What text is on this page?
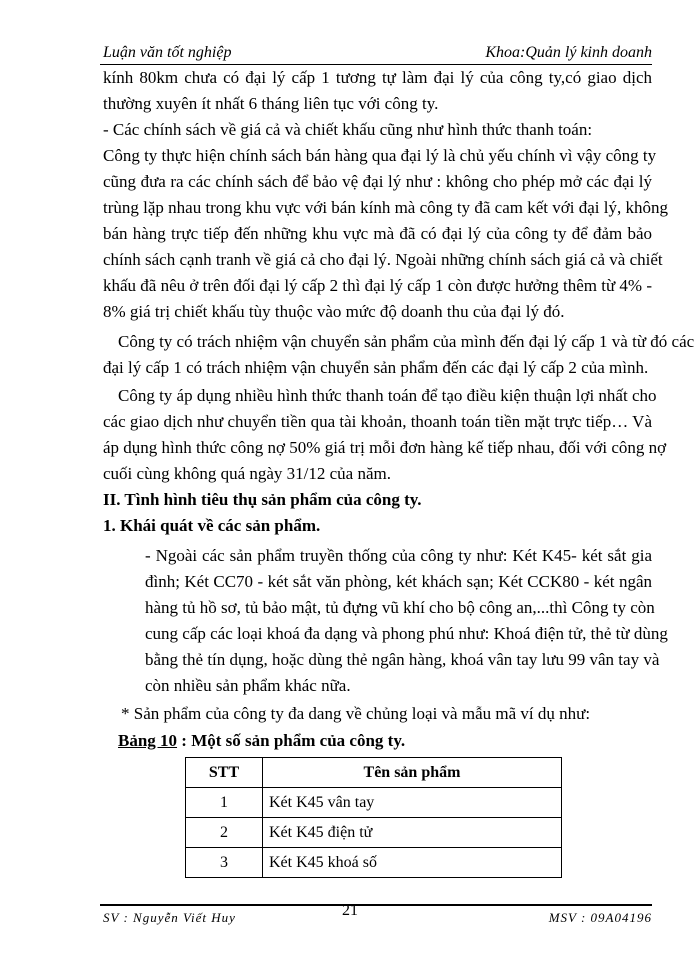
Luận văn tốt nghiệp	Khoa:Quản lý kinh doanh
kính 80km chưa có đại lý cấp 1 tương tự làm đại lý của công ty,có giao dịch
thường xuyên ít nhất 6 tháng liên tục với công ty.
- Các chính sách về giá cả và chiết khấu cũng như hình thức thanh toán:
Công ty thực hiện chính sách bán hàng qua đại lý là chủ yếu chính vì vậy công ty
cũng đưa ra các chính sách để bảo vệ đại lý như : không cho phép mở các đại lý
trùng lặp nhau trong khu vực với bán kính mà công ty đã cam kết với đại lý, không
bán hàng trực tiếp đến những khu vực mà đã có đại lý của công ty để đảm bảo
chính sách cạnh tranh về giá cả cho đại lý. Ngoài những chính sách giá cả và chiết
khấu đã nêu ở trên đối đại lý cấp 2 thì đại lý cấp 1 còn được hưởng thêm từ 4% -
8% giá trị chiết khấu tùy thuộc vào mức độ doanh thu của đại lý đó.
Công ty có trách nhiệm vận chuyển sản phẩm của mình đến đại lý cấp 1 và từ đó các
đại lý cấp 1 có trách nhiệm vận chuyển sản phẩm đến các đại lý cấp 2 của mình.
Công ty áp dụng nhiều hình thức thanh toán để tạo điều kiện thuận lợi nhất cho
các giao dịch như chuyển tiền qua tài khoản, thoanh toán tiền mặt trực tiếp… Và
áp dụng hình thức công nợ 50% giá trị mỗi đơn hàng kế tiếp nhau, đối với công nợ
cuối cùng không quá ngày 31/12 của năm.
II. Tình hình tiêu thụ sản phẩm của công ty.
1. Khái quát về các sản phẩm.
- Ngoài các sản phẩm truyền thống của công ty như: Két K45- két sắt gia
đình; Két CC70 - két sắt văn phòng, két khách sạn; Két CCK80 - két ngân
hàng tủ hồ sơ, tủ bảo mật, tủ đựng vũ khí cho bộ công an,...thì Công ty còn
cung cấp các loại khoá đa dạng và phong phú như: Khoá điện tử, thẻ từ dùng
bằng thẻ tín dụng, hoặc dùng thẻ ngân hàng, khoá vân tay lưu 99 vân tay và
còn nhiều sản phẩm khác nữa.
* Sản phẩm của công ty đa dang về chủng loại và mẫu mã ví dụ như:
Bảng 10 : Một số sản phẩm của công ty.
STT	Tên sản phẩm
1	Két K45 vân tay
2	Két K45 điện tử
3	Két K45 khoá số
SV : Nguyễn Viết Huy	21	MSV : 09A04196
